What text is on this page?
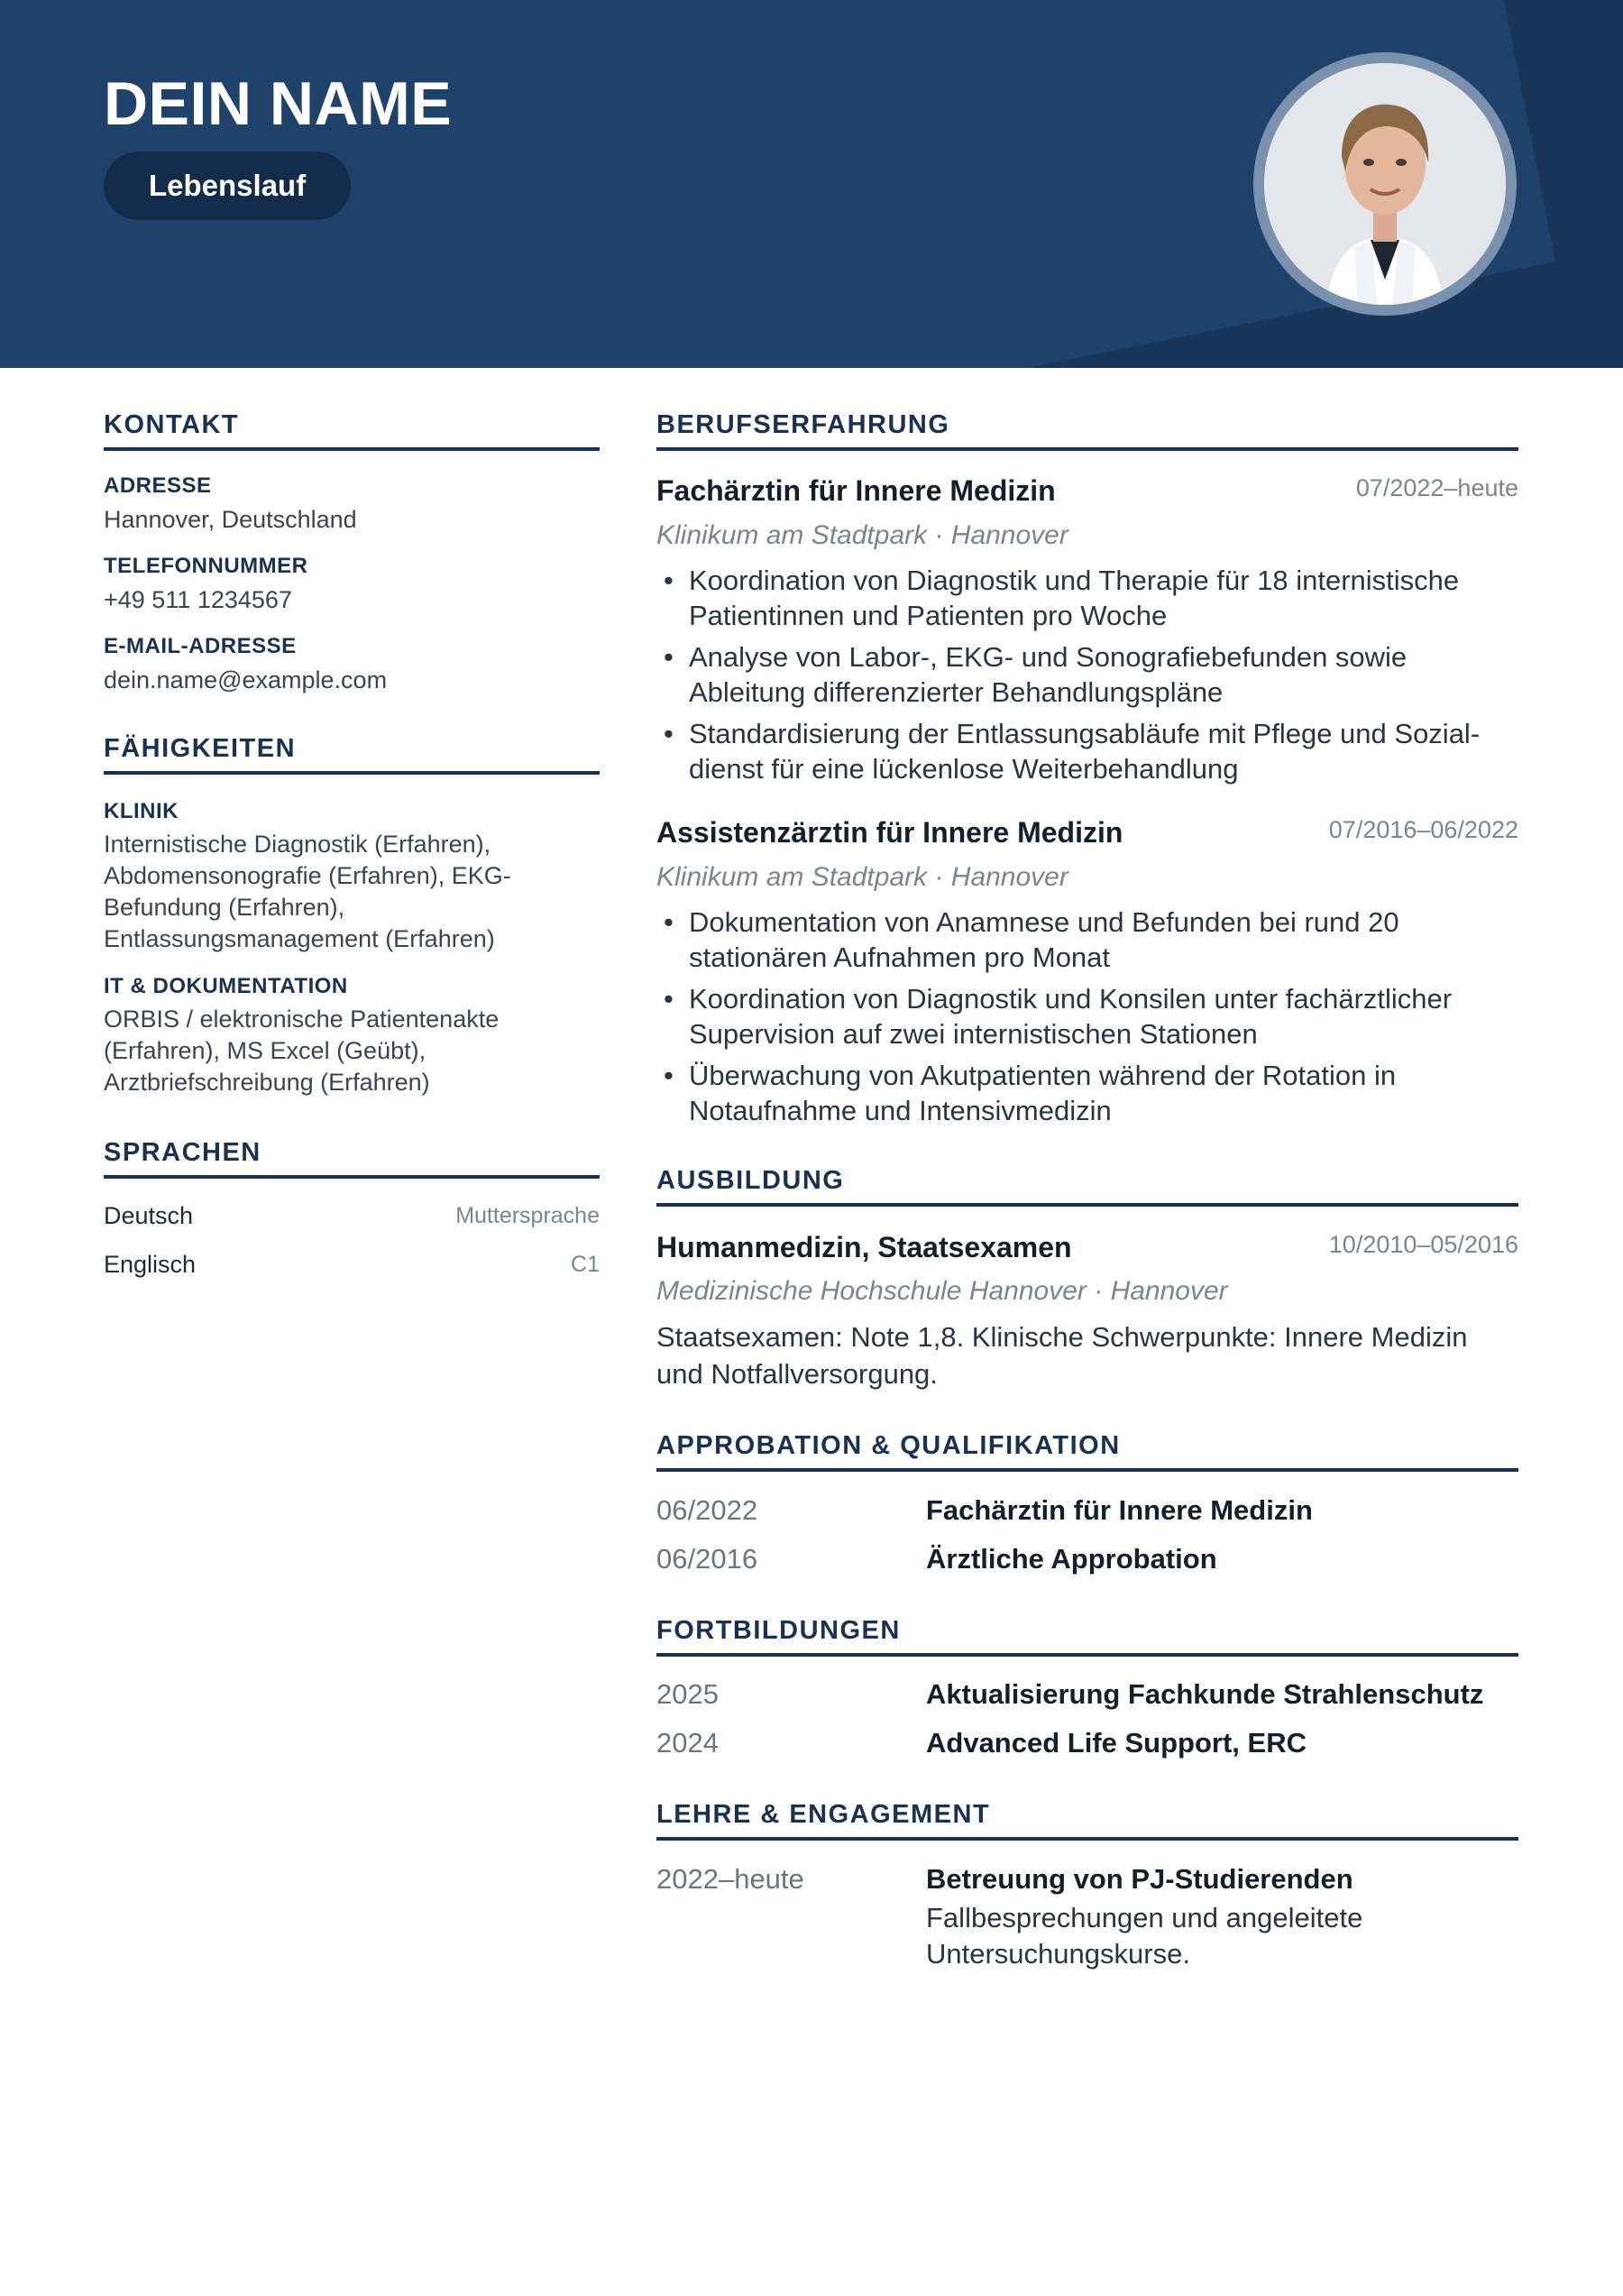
DEIN NAME
Lebenslauf
KONTAKT
ADRESSE
Hannover, Deutschland
TELEFONNUMMER
+49 511 1234567
E-MAIL-ADRESSE
dein.name@example.com
FÄHIGKEITEN
KLINIK
Internistische Diagnostik (Erfahren),
Abdomensonografie (Erfahren), EKG-
Befundung (Erfahren),
Entlassungsmanagement (Erfahren)
IT & DOKUMENTATION
ORBIS / elektronische Patientenakte
(Erfahren), MS Excel (Geübt),
Arztbriefschreibung (Erfahren)
SPRACHEN
Deutsch	Muttersprache
Englisch	C1
BERUFSERFAHRUNG
Fachärztin für Innere Medizin	07/2022–heute
Klinikum am Stadtpark · Hannover
• Koordination von Diagnostik und Therapie für 18 internistische
Patientinnen und Patienten pro Woche
• Analyse von Labor-, EKG- und Sonografiebefunden sowie
Ableitung differenzierter Behandlungspläne
• Standardisierung der Entlassungsabläufe mit Pflege und Sozial-
dienst für eine lückenlose Weiterbehandlung
Assistenzärztin für Innere Medizin	07/2016–06/2022
Klinikum am Stadtpark · Hannover
• Dokumentation von Anamnese und Befunden bei rund 20
stationären Aufnahmen pro Monat
• Koordination von Diagnostik und Konsilen unter fachärztlicher
Supervision auf zwei internistischen Stationen
• Überwachung von Akutpatienten während der Rotation in
Notaufnahme und Intensivmedizin
AUSBILDUNG
Humanmedizin, Staatsexamen	10/2010–05/2016
Medizinische Hochschule Hannover · Hannover
Staatsexamen: Note 1,8. Klinische Schwerpunkte: Innere Medizin
und Notfallversorgung.
APPROBATION & QUALIFIKATION
06/2022	Fachärztin für Innere Medizin
06/2016	Ärztliche Approbation
FORTBILDUNGEN
2025	Aktualisierung Fachkunde Strahlenschutz
2024	Advanced Life Support, ERC
LEHRE & ENGAGEMENT
2022–heute	Betreuung von PJ-Studierenden
Fallbesprechungen und angeleitete
Untersuchungskurse.
